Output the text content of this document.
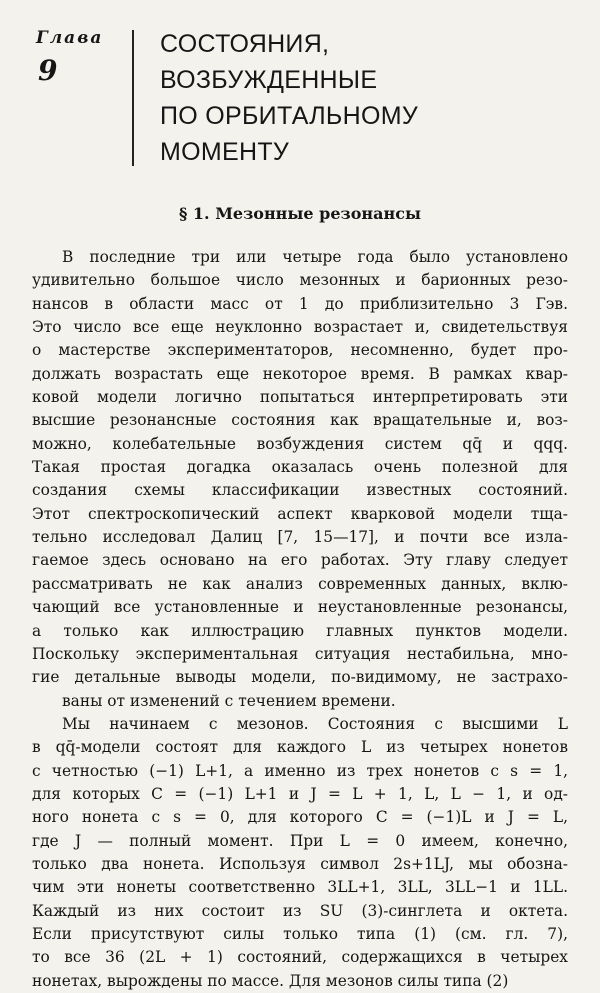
Глава
9
СОСТОЯНИЯ,
ВОЗБУЖДЕННЫЕ
ПО ОРБИТАЛЬНОМУ
МОМЕНТУ
§ 1. Мезонные резонансы
В последние три или четыре года было установлено
удивительно большое число мезонных и барионных резо-
нансов в области масс от 1 до приблизительно 3 Гэв.
Это число все еще неуклонно возрастает и, свидетельствуя
о мастерстве экспериментаторов, несомненно, будет про-
должать возрастать еще некоторое время. В рамках квар-
ковой модели логично попытаться интерпретировать эти
высшие резонансные состояния как вращательные и, воз-
можно, колебательные возбуждения систем qq̄ и qqq.
Такая простая догадка оказалась очень полезной для
создания схемы классификации известных состояний.
Этот спектроскопический аспект кварковой модели тща-
тельно исследовал Далиц [7, 15—17], и почти все изла-
гаемое здесь основано на его работах. Эту главу следует
рассматривать не как анализ современных данных, вклю-
чающий все установленные и неустановленные резонансы,
а только как иллюстрацию главных пунктов модели.
Поскольку экспериментальная ситуация нестабильна, мно-
гие детальные выводы модели, по-видимому, не застрахо-
ваны от изменений с течением времени.
Мы начинаем с мезонов. Состояния с высшими L
в qq̄-модели состоят для каждого L из четырех нонетов
с четностью (−1) L+1, а именно из трех нонетов с s = 1,
для которых C = (−1) L+1 и J = L + 1, L, L − 1, и од-
ного нонета с s = 0, для которого C = (−1)L и J = L,
где J — полный момент. При L = 0 имеем, конечно,
только два нонета. Используя символ 2s+1LJ, мы обозна-
чим эти нонеты соответственно 3LL+1, 3LL, 3LL−1 и 1LL.
Каждый из них состоит из SU (3)-синглета и октета.
Если присутствуют силы только типа (1) (см. гл. 7),
то все 36 (2L + 1) состояний, содержащихся в четырех
нонетах, вырождены по массе. Для мезонов силы типа (2)
